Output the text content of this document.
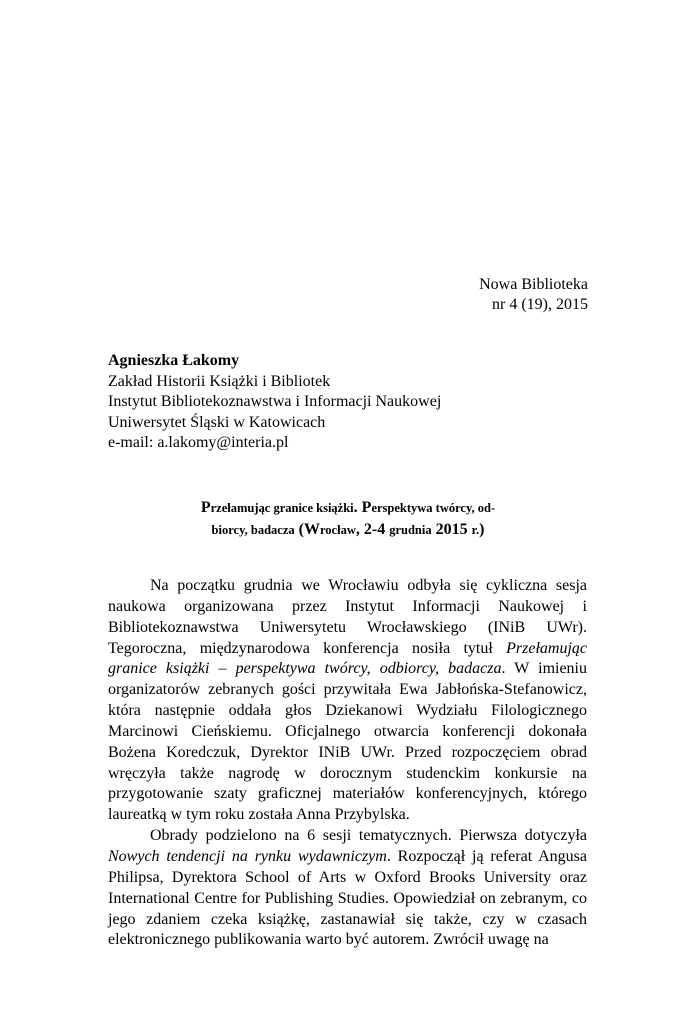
Nowa Biblioteka
nr 4 (19), 2015
Agnieszka Łakomy
Zakład Historii Książki i Bibliotek
Instytut Bibliotekoznawstwa i Informacji Naukowej
Uniwersytet Śląski w Katowicach
e-mail: a.lakomy@interia.pl
Przełamując granice książki. Perspektywa twórcy, od-
biorcy, badacza (Wrocław, 2-4 grudnia 2015 r.)

Na początku grudnia we Wrocławiu odbyła się cykliczna sesja naukowa organizowana przez Instytut Informacji Naukowej i Bibliotekoznawstwa Uniwersytetu Wrocławskiego (INiB UWr). Tegoroczna, międzynarodowa konferencja nosiła tytuł Przełamując granice książki – perspektywa twórcy, odbiorcy, badacza. W imieniu organizatorów zebranych gości przywitała Ewa Jabłońska-Stefanowicz, która następnie oddała głos Dziekanowi Wydziału Filologicznego Marcinowi Cieńskiemu. Oficjalnego otwarcia konferencji dokonała Bożena Koredczuk, Dyrektor INiB UWr. Przed rozpoczęciem obrad wręczyła także nagrodę w dorocznym studenckim konkursie na przygotowanie szaty graficznej materiałów konferencyjnych, którego laureatką w tym roku została Anna Przybylska.

Obrady podzielono na 6 sesji tematycznych. Pierwsza dotyczyła Nowych tendencji na rynku wydawniczym. Rozpoczął ją referat Angusa Philipsa, Dyrektora School of Arts w Oxford Brooks University oraz International Centre for Publishing Studies. Opowiedział on zebranym, co jego zdaniem czeka książkę, zastanawiał się także, czy w czasach elektronicznego publikowania warto być autorem. Zwrócił uwagę na
